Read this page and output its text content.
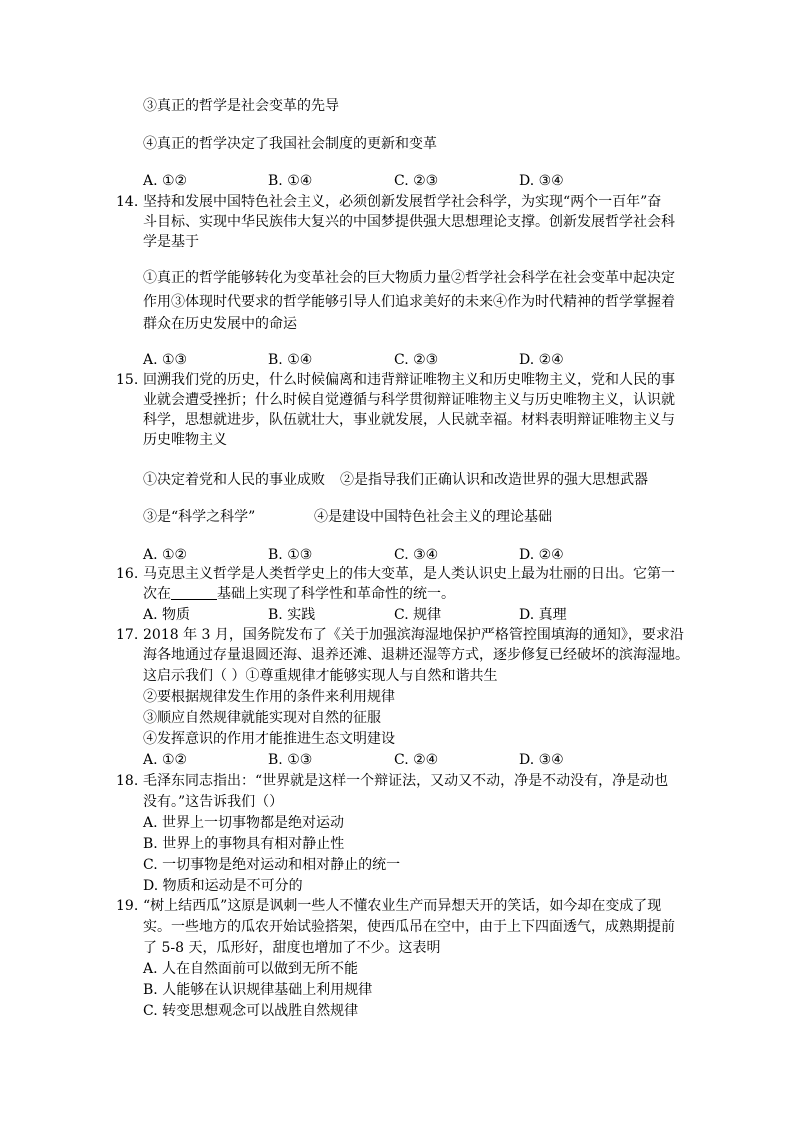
③真正的哲学是社会变革的先导
④真正的哲学决定了我国社会制度的更新和变革
A. ①②	B. ①④	C. ②③	D. ③④
14. 坚持和发展中国特色社会主义，必须创新发展哲学社会科学，为实现“两个一百年”奋
斗目标、实现中华民族伟大复兴的中国梦提供强大思想理论支撑。创新发展哲学社会科
学是基于
①真正的哲学能够转化为变革社会的巨大物质力量②哲学社会科学在社会变革中起决定
作用③体现时代要求的哲学能够引导人们追求美好的未来④作为时代精神的哲学掌握着
群众在历史发展中的命运
A. ①③	B. ①④	C. ②③	D. ②④
15. 回溯我们党的历史，什么时候偏离和违背辩证唯物主义和历史唯物主义，党和人民的事
业就会遭受挫折；什么时候自觉遵循与科学贯彻辩证唯物主义与历史唯物主义，认识就
科学，思想就进步，队伍就壮大，事业就发展，人民就幸福。材料表明辩证唯物主义与
历史唯物主义
①决定着党和人民的事业成败 ②是指导我们正确认识和改造世界的强大思想武器
③是“科学之科学”	④是建设中国特色社会主义的理论基础
A. ①②	B. ①③	C. ③④	D. ②④
16. 马克思主义哲学是人类哲学史上的伟大变革，是人类认识史上最为壮丽的日出。它第一
次在	基础上实现了科学性和革命性的统一。
A. 物质	B. 实践	C. 规律	D. 真理
17. 2018 年 3 月，国务院发布了《关于加强滨海湿地保护严格管控围填海的通知》，要求沿
海各地通过存量退圆还海、退养还滩、退耕还湿等方式，逐步修复已经破坏的滨海湿地。
这启示我们（ ）①尊重规律才能够实现人与自然和谐共生
②要根据规律发生作用的条件来利用规律
③顺应自然规律就能实现对自然的征服
④发挥意识的作用才能推进生态文明建设
A. ①②	B. ①③	C. ②④	D. ③④
18. 毛泽东同志指出：“世界就是这样一个辩证法，又动又不动，净是不动没有，净是动也
没有。”这告诉我们（）
A. 世界上一切事物都是绝对运动
B. 世界上的事物具有相对静止性
C. 一切事物是绝对运动和相对静止的统一
D. 物质和运动是不可分的
19. “树上结西瓜”这原是讽刺一些人不懂农业生产而异想天开的笑话，如今却在变成了现
实。一些地方的瓜农开始试验搭架，使西瓜吊在空中，由于上下四面透气，成熟期提前
了 5-8 天，瓜形好，甜度也增加了不少。这表明
A. 人在自然面前可以做到无所不能
B. 人能够在认识规律基础上利用规律
C. 转变思想观念可以战胜自然规律
